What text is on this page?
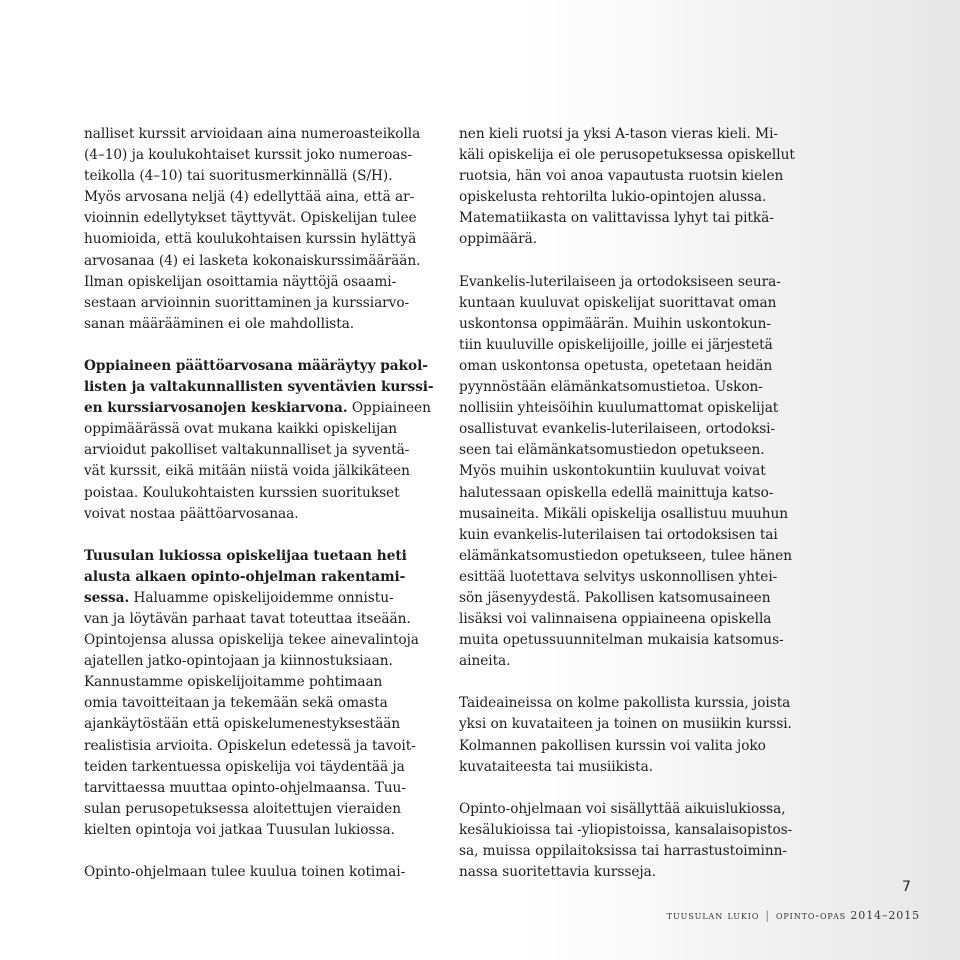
nalliset kurssit arvioidaan aina numeroasteikolla

(4–10) ja koulukohtaiset kurssit joko numeroas-

teikolla (4–10) tai suoritusmerkinnällä (S/H).

Myös arvosana neljä (4) edellyttää aina, että ar-

vioinnin edellytykset täyttyvät. Opiskelijan tulee

huomioida, että koulukohtaisen kurssin hylättyä

arvosanaa (4) ei lasketa kokonaiskurssimäärään.

Ilman opiskelijan osoittamia näyttöjä osaami-

sestaan arvioinnin suorittaminen ja kurssiarvo-

sanan määrääminen ei ole mahdollista.

Oppiaineen päättöarvosana määräytyy pakol-

listen ja valtakunnallisten syventävien kurssi-

en kurssiarvosanojen keskiarvona. Oppiaineen

oppimäärässä ovat mukana kaikki opiskelijan

arvioidut pakolliset valtakunnalliset ja syventä-

vät kurssit, eikä mitään niistä voida jälkikäteen

poistaa. Koulukohtaisten kurssien suoritukset

voivat nostaa päättöarvosanaa.

Tuusulan lukiossa opiskelijaa tuetaan heti

alusta alkaen opinto-ohjelman rakentami-

sessa. Haluamme opiskelijoidemme onnistu-

van ja löytävän parhaat tavat toteuttaa itseään.

Opintojensa alussa opiskelija tekee ainevalintoja

ajatellen jatko-opintojaan ja kiinnostuksiaan.

Kannustamme opiskelijoitamme pohtimaan

omia tavoitteitaan ja tekemään sekä omasta

ajankäytöstään että opiskelumenestyksestään

realistisia arvioita. Opiskelun edetessä ja tavoit-

teiden tarkentuessa opiskelija voi täydentää ja

tarvittaessa muuttaa opinto-ohjelmaansa. Tuu-

sulan perusopetuksessa aloitettujen vieraiden

kielten opintoja voi jatkaa Tuusulan lukiossa.

Opinto-ohjelmaan tulee kuulua toinen kotimai-

nen kieli ruotsi ja yksi A-tason vieras kieli. Mi-

käli opiskelija ei ole perusopetuksessa opiskellut

ruotsia, hän voi anoa vapautusta ruotsin kielen

opiskelusta rehtorilta lukio-opintojen alussa.

Matematiikasta on valittavissa lyhyt tai pitkä-

oppimäärä.

Evankelis-luterilaiseen ja ortodoksiseen seura-

kuntaan kuuluvat opiskelijat suorittavat oman

uskontonsa oppimäärän. Muihin uskontokun-

tiin kuuluville opiskelijoille, joille ei järjestetä

oman uskontonsa opetusta, opetetaan heidän

pyynnöstään elämänkatsomustietoa. Uskon-

nollisiin yhteisöihin kuulumattomat opiskelijat

osallistuvat evankelis-luterilaiseen, ortodoksi-

seen tai elämänkatsomustiedon opetukseen.

Myös muihin uskontokuntiin kuuluvat voivat

halutessaan opiskella edellä mainittuja katso-

musaineita. Mikäli opiskelija osallistuu muuhun

kuin evankelis-luterilaisen tai ortodoksisen tai

elämänkatsomustiedon opetukseen, tulee hänen

esittää luotettava selvitys uskonnollisen yhtei-

sön jäsenyydestä. Pakollisen katsomusaineen

lisäksi voi valinnaisena oppiaineena opiskella

muita opetussuunnitelman mukaisia katsomus-

aineita.

Taideaineissa on kolme pakollista kurssia, joista

yksi on kuvataiteen ja toinen on musiikin kurssi.

Kolmannen pakollisen kurssin voi valita joko

kuvataiteesta tai musiikista.

Opinto-ohjelmaan voi sisällyttää aikuislukiossa,

kesälukioissa tai -yliopistoissa, kansalaisopistos-

sa, muissa oppilaitoksissa tai harrastustoiminn-

nassa suoritettavia kursseja.

7
tuusulan lukio | opinto-opas 2014–2015
